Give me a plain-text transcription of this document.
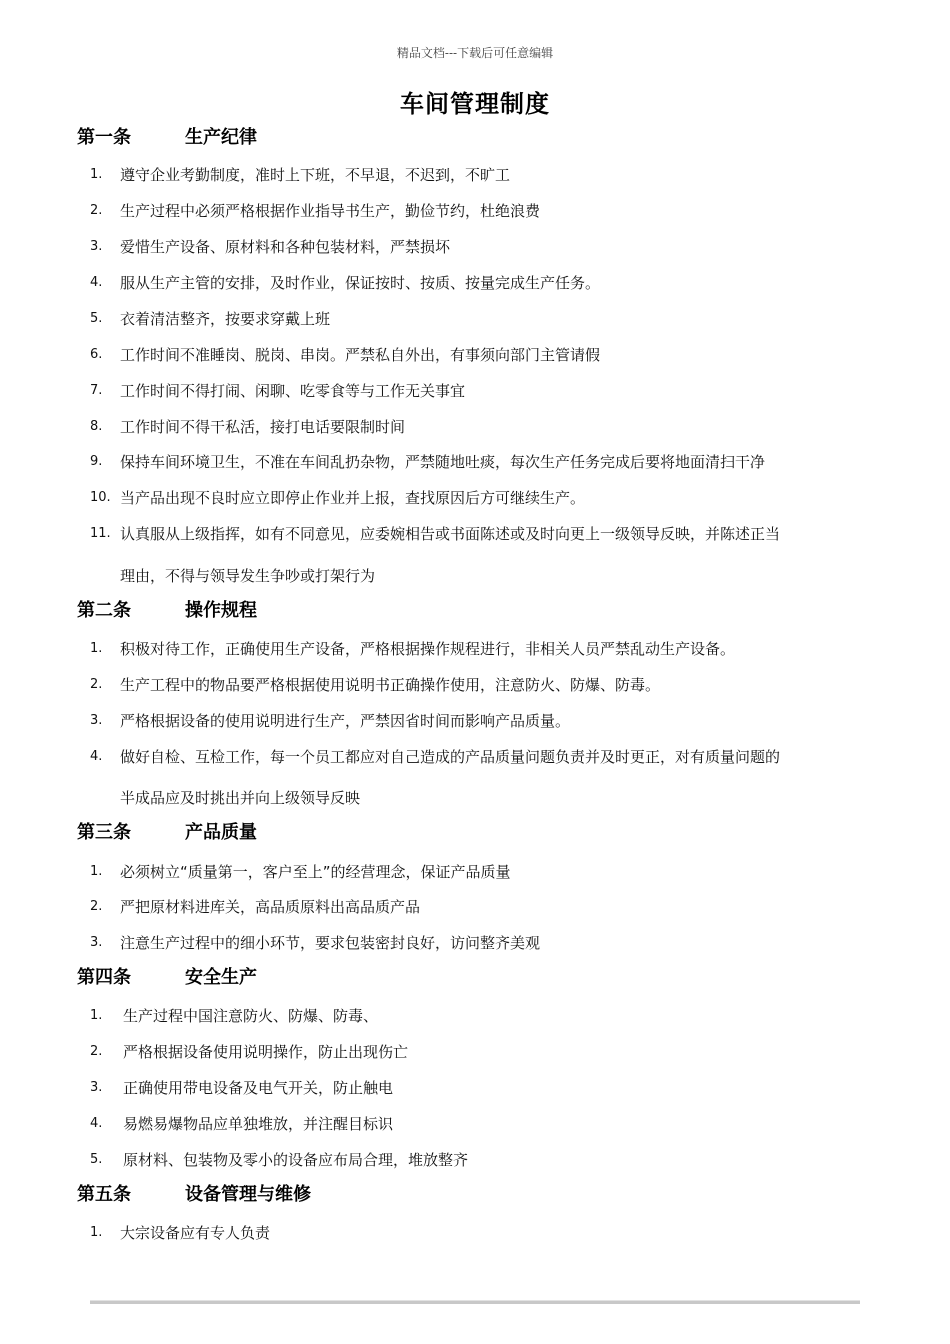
精品文档---下载后可任意编辑
车间管理制度
第一条	生产纪律
1.	遵守企业考勤制度，准时上下班，不早退，不迟到，不旷工
2.	生产过程中必须严格根据作业指导书生产，勤俭节约，杜绝浪费
3.	爱惜生产设备、原材料和各种包装材料，严禁损坏
4.	服从生产主管的安排，及时作业，保证按时、按质、按量完成生产任务。
5.	衣着清洁整齐，按要求穿戴上班
6.	工作时间不准睡岗、脱岗、串岗。严禁私自外出，有事须向部门主管请假
7.	工作时间不得打闹、闲聊、吃零食等与工作无关事宜
8.	工作时间不得干私活，接打电话要限制时间
9.	保持车间环境卫生，不准在车间乱扔杂物，严禁随地吐痰，每次生产任务完成后要将地面清扫干净
10. 当产品出现不良时应立即停止作业并上报，查找原因后方可继续生产。
11. 认真服从上级指挥，如有不同意见，应委婉相告或书面陈述或及时向更上一级领导反映，并陈述正当
理由，不得与领导发生争吵或打架行为
第二条	操作规程
1.	积极对待工作，正确使用生产设备，严格根据操作规程进行，非相关人员严禁乱动生产设备。
2.	生产工程中的物品要严格根据使用说明书正确操作使用，注意防火、防爆、防毒。
3.	严格根据设备的使用说明进行生产，严禁因省时间而影响产品质量。
4.	做好自检、互检工作，每一个员工都应对自己造成的产品质量问题负责并及时更正，对有质量问题的
半成品应及时挑出并向上级领导反映
第三条	产品质量
1.	必须树立“质量第一，客户至上”的经营理念，保证产品质量
2.	严把原材料进库关，高品质原料出高品质产品
3.	注意生产过程中的细小环节，要求包装密封良好，访问整齐美观
第四条	安全生产
1.	生产过程中国注意防火、防爆、防毒、
2.	严格根据设备使用说明操作，防止出现伤亡
3.	正确使用带电设备及电气开关，防止触电
4.	易燃易爆物品应单独堆放，并注醒目标识
5.	原材料、包装物及零小的设备应布局合理，堆放整齐
第五条	设备管理与维修
1.	大宗设备应有专人负责
